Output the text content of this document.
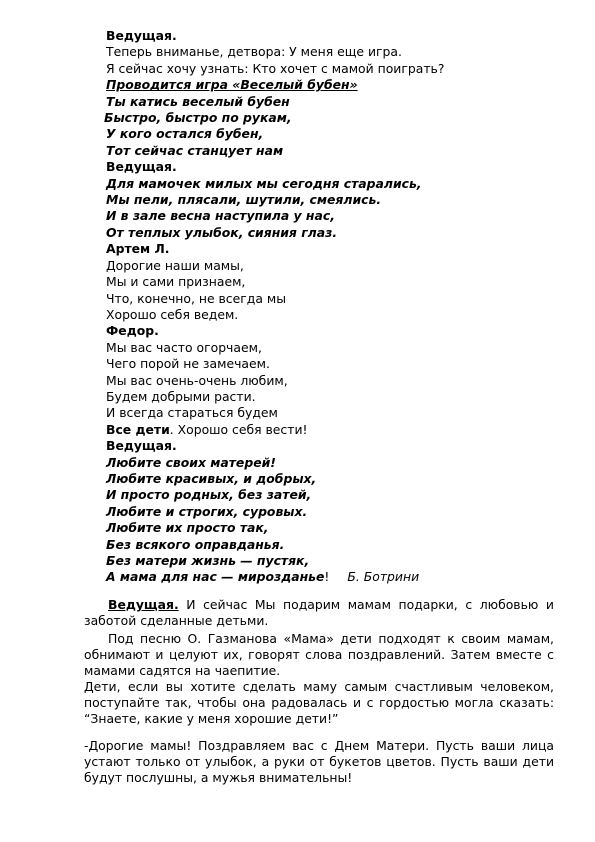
Ведущая.
Теперь вниманье, детвора: У меня еще игра.
Я сейчас хочу узнать: Кто хочет с мамой поиграть?
Проводится игра «Веселый бубен»
Ты катись веселый бубен
Быстро, быстро по рукам,
У кого остался бубен,
Тот сейчас станцует нам
Ведущая.
Для мамочек милых мы сегодня старались,
Мы пели, плясали, шутили, смеялись.
И в зале весна наступила у нас,
От теплых улыбок, сияния глаз.
Артем Л.
Дорогие наши мамы,
Мы и сами признаем,
Что, конечно, не всегда мы
Хорошо себя ведем.
Федор.
Мы вас часто огорчаем,
Чего порой не замечаем.
Мы вас очень-очень любим,
Будем добрыми расти.
И всегда стараться будем
Все дети. Хорошо себя вести!
Ведущая.
Любите своих матерей!
Любите красивых, и добрых,
И просто родных, без затей,
Любите и строгих, суровых.
Любите их просто так,
Без всякого оправданья.
Без матери жизнь — пустяк,
А мама для нас — мирозданье! Б. Ботрини

Ведущая. И сейчас Мы подарим мамам подарки, с любовью и заботой сделанные детьми.

Под песню О. Газманова «Мама» дети подходят к своим мамам, обнимают и целуют их, говорят слова поздравлений. Затем вместе с мамами садятся на чаепитие.

Дети, если вы хотите сделать маму самым счастливым человеком, поступайте так, чтобы она радовалась и с гордостью могла сказать: “Знаете, какие у меня хорошие дети!”

-Дорогие мамы! Поздравляем вас с Днем Матери. Пусть ваши лица устают только от улыбок, а руки от букетов цветов. Пусть ваши дети будут послушны, а мужья внимательны!
